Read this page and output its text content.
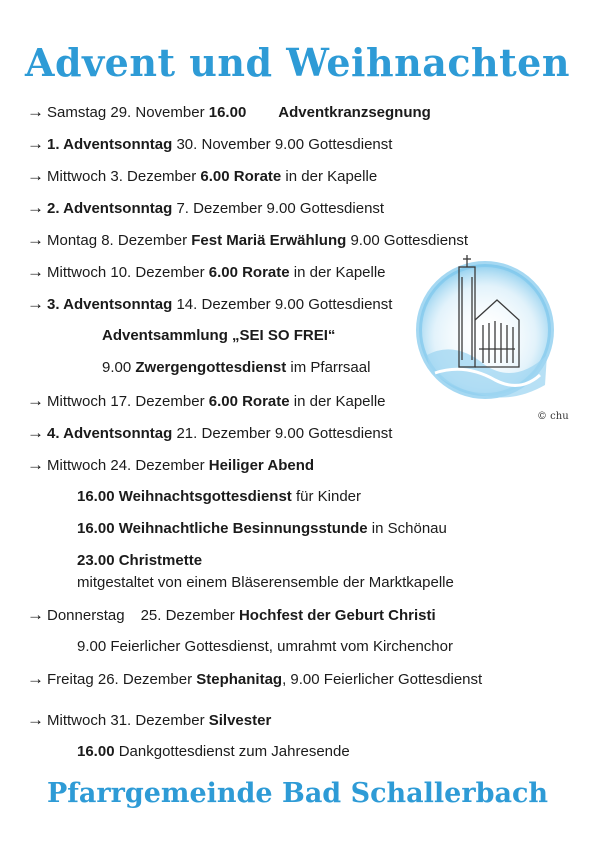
Advent und Weihnachten
© chu
→ Samstag 29. November 16.00 Adventkranzsegnung
→ 1. Adventsonntag 30. November 9.00 Gottesdienst
→ Mittwoch 3. Dezember 6.00 Rorate in der Kapelle
→ 2. Adventsonntag 7. Dezember 9.00 Gottesdienst
→ Montag 8. Dezember Fest Mariä Erwählung 9.00 Gottesdienst
→ Mittwoch 10. Dezember 6.00 Rorate in der Kapelle
→ 3. Adventsonntag 14. Dezember 9.00 Gottesdienst
Adventsammlung „SEI SO FREI“
9.00 Zwergengottesdienst im Pfarrsaal
→ Mittwoch 17. Dezember 6.00 Rorate in der Kapelle
→ 4. Adventsonntag 21. Dezember 9.00 Gottesdienst
→ Mittwoch 24. Dezember Heiliger Abend
16.00 Weihnachtsgottesdienst für Kinder
16.00 Weihnachtliche Besinnungsstunde in Schönau
23.00 Christmette
mitgestaltet von einem Bläserensemble der Marktkapelle
→ Donnerstag 25. Dezember Hochfest der Geburt Christi
9.00 Feierlicher Gottesdienst, umrahmt vom Kirchenchor
→ Freitag 26. Dezember Stephanitag, 9.00 Feierlicher Gottesdienst
→ Mittwoch 31. Dezember Silvester
16.00 Dankgottesdienst zum Jahresende
Pfarrgemeinde Bad Schallerbach
